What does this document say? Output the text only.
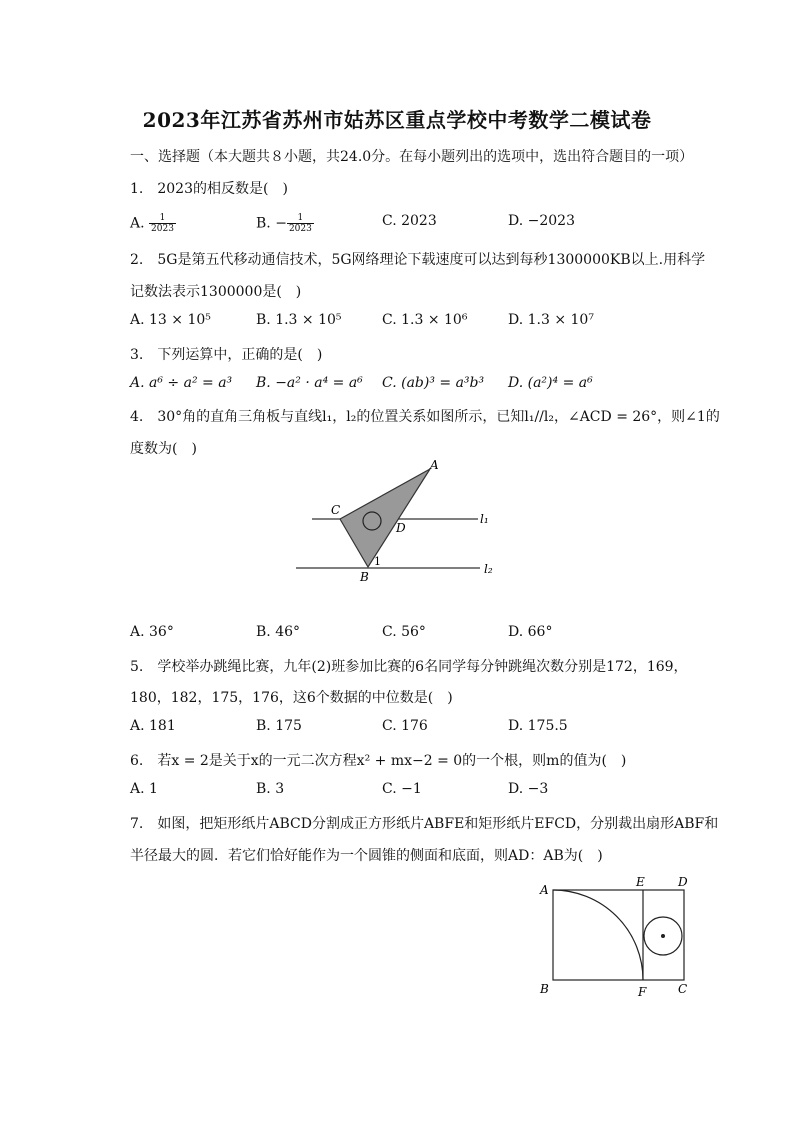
2023年江苏省苏州市姑苏区重点学校中考数学二模试卷
一、选择题（本大题共８小题，共24.0分。在每小题列出的选项中，选出符合题目的一项）
1.　2023的相反数是(　)
A. $\frac{1}{2023}$	B. − $\frac{1}{2023}$	C. 2023	D. −2023
2.　5G是第五代移动通信技术，5G网络理论下载速度可以达到每秒1300000KB以上.用科学
记数法表示1300000是(　)
A. 13 × 10⁵	B. 1.3 × 10⁵	C. 1.3 × 10⁶	D. 1.3 × 10⁷
3.　下列运算中，正确的是(　)
A. a⁶ ÷ a² = a³ B. −a² · a⁴ = a⁶ C. (ab)³ = a³b³ D. (a²)⁴ = a⁶
4.　30°角的直角三角板与直线l₁，l₂的位置关系如图所示，已知l₁//l₂，∠ACD = 26°，则∠1的
度数为(　)
A
C
D
B
1
l₁
l₂
A. 36°	B. 46°	C. 56°	D. 66°
5.　学校举办跳绳比赛，九年(2)班参加比赛的6名同学每分钟跳绳次数分别是172，169，
180，182，175，176，这6个数据的中位数是(　)
A. 181	B. 175	C. 176	D. 175.5
6.　若x = 2是关于x的一元二次方程x² + mx−2 = 0的一个根，则m的值为(　)
A. 1	B. 3	C. −1	D. −3
7.　如图，把矩形纸片ABCD分割成正方形纸片ABFE和矩形纸片EFCD，分别裁出扇形ABF和
半径最大的圆．若它们恰好能作为一个圆锥的侧面和底面，则AD：AB为(　)
A
E	D
B	F	C
